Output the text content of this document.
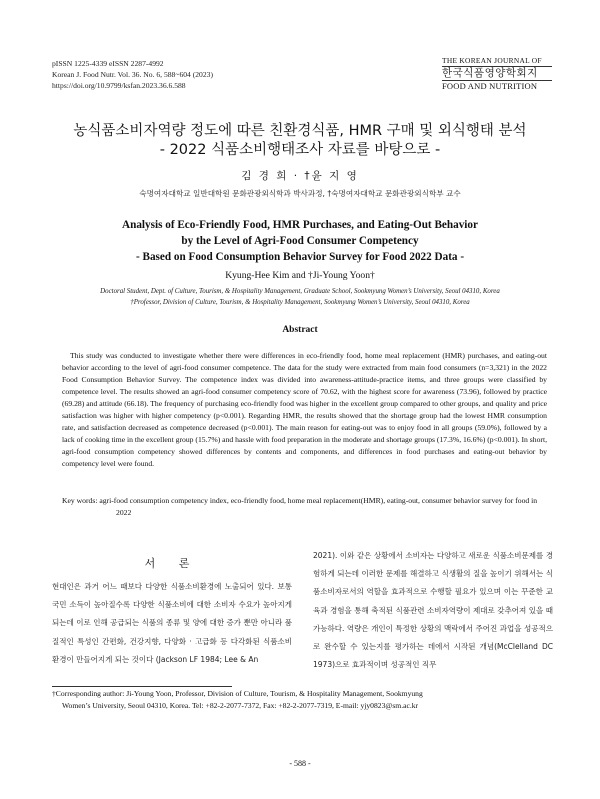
pISSN 1225-4339 eISSN 2287-4992
Korean J. Food Nutr. Vol. 36. No. 6, 588~604 (2023)
https://doi.org/10.9799/ksfan.2023.36.6.588
THE KOREAN JOURNAL OF
한국식품영양학회지
FOOD AND NUTRITION
농식품소비자역량 정도에 따른 친환경식품, HMR 구매 및 외식행태 분석
- 2022 식품소비행태조사 자료를 바탕으로 -
김 경 희 · †윤 지 영
숙명여자대학교 일반대학원 문화관광외식학과 박사과정, †숙명여자대학교 문화관광외식학부 교수
Analysis of Eco-Friendly Food, HMR Purchases, and Eating-Out Behavior
by the Level of Agri-Food Consumer Competency
- Based on Food Consumption Behavior Survey for Food 2022 Data -
Kyung-Hee Kim and †Ji-Young Yoon†
Doctoral Student, Dept. of Culture, Tourism, & Hospitality Management, Graduate School, Sookmyung Women’s University, Seoul 04310, Korea
†Professor, Division of Culture, Tourism, & Hospitality Management, Sookmyung Women’s University, Seoul 04310, Korea
Abstract

This study was conducted to investigate whether there were differences in eco-friendly food, home meal replacement (HMR) purchases, and eating-out behavior according to the level of agri-food consumer competence. The data for the study were extracted from main food consumers (n=3,321) in the 2022 Food Consumption Behavior Survey. The competence index was divided into awareness-attitude-practice items, and three groups were classified by competence level. The results showed an agri-food consumer competency score of 70.62, with the highest score for awareness (73.96), followed by practice (69.28) and attitude (66.18). The frequency of purchasing eco-friendly food was higher in the excellent group compared to other groups, and quality and price satisfaction was higher with higher competency (p<0.001). Regarding HMR, the results showed that the shortage group had the lowest HMR consumption rate, and satisfaction decreased as competence decreased (p<0.001). The main reason for eating-out was to enjoy food in all groups (59.0%), followed by a lack of cooking time in the excellent group (15.7%) and hassle with food preparation in the moderate and shortage groups (17.3%, 16.6%) (p<0.001). In short, agri-food consumption competency showed differences by contents and components, and differences in food purchases and eating-out behavior by competency level were found.

Key words: agri-food consumption competency index, eco-friendly food, home meal replacement(HMR), eating-out, consumer behavior survey for food in 2022
서 론
현대인은 과거 어느 때보다 다양한 식품소비환경에 노출되어 있다. 보통 국민 소득이 높아질수록 다양한 식품소비에 대한 소비자 수요가 높아지게 되는데 이로 인해 공급되는 식품의 종류 및 양에 대한 증가 뿐만 아니라 품질적인 특성인 간편화, 건강지향, 다양화 · 고급화 등 다각화된 식품소비 환경이 만들어지게 되는 것이다 (Jackson LF 1984; Lee & An
2021). 이와 같은 상황에서 소비자는 다양하고 새로운 식품소비문제를 경험하게 되는데 이러한 문제를 해결하고 식생활의 질을 높이기 위해서는 식품소비자로서의 역할을 효과적으로 수행할 필요가 있으며 이는 꾸준한 교육과 경험을 통해 축적된 식품관련 소비자역량이 제대로 갖추어져 있을 때 가능하다. 역량은 개인이 특정한 상황의 맥락에서 주어진 과업을 성공적으로 완수할 수 있는지를 평가하는 데에서 시작된 개념(McClelland DC 1973)으로 효과적이며 성공적인 직무
†Corresponding author: Ji-Young Yoon, Professor, Division of Culture, Tourism, & Hospitality Management, Sookmyung
Women’s University, Seoul 04310, Korea. Tel: +82-2-2077-7372, Fax: +82-2-2077-7319, E-mail: yjy0823@sm.ac.kr
- 588 -
